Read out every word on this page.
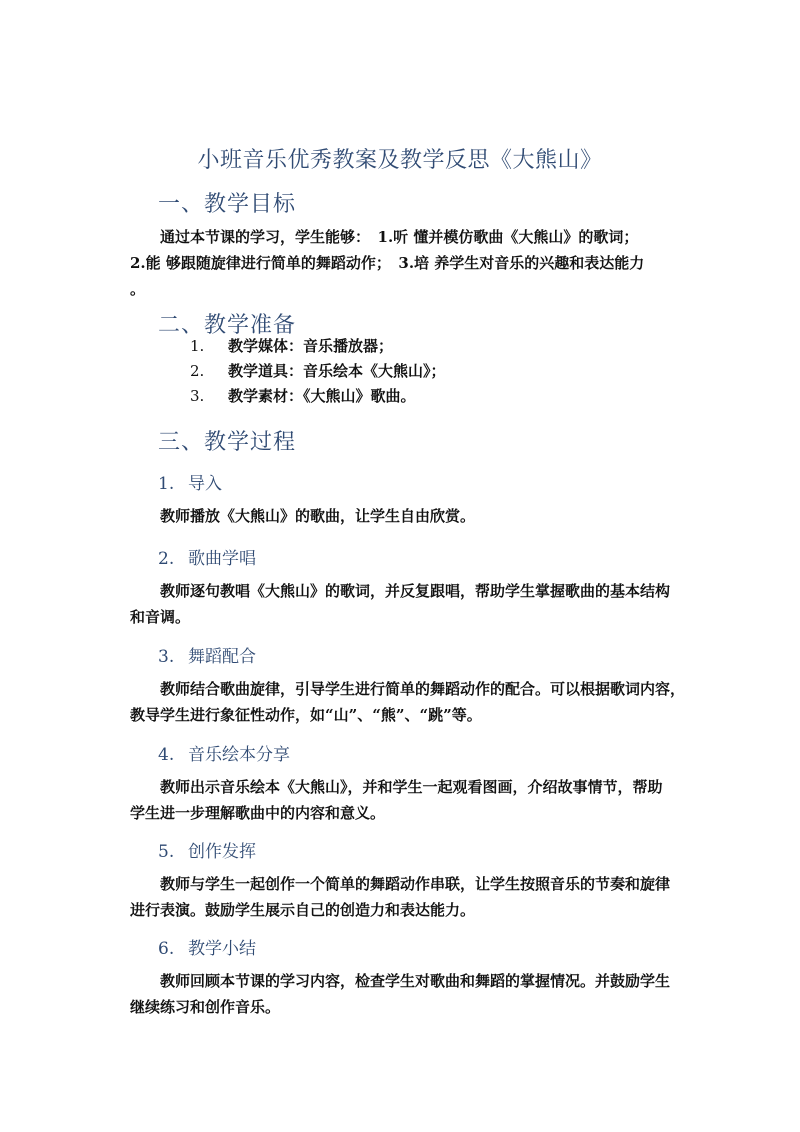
小班音乐优秀教案及教学反思《大熊山》
一、教学目标
通过本节课的学习，学生能够：　1.听 懂并模仿歌曲《大熊山》的歌词；
2.能 够跟随旋律进行简单的舞蹈动作；　3.培 养学生对音乐的兴趣和表达能力
。
二、教学准备
1. 教学媒体：音乐播放器；
2. 教学道具：音乐绘本《大熊山》；
3. 教学素材：《大熊山》歌曲。
三、教学过程
1. 导入
教师播放《大熊山》的歌曲，让学生自由欣赏。
2. 歌曲学唱
教师逐句教唱《大熊山》的歌词，并反复跟唱，帮助学生掌握歌曲的基本结构
和音调。
3. 舞蹈配合
教师结合歌曲旋律，引导学生进行简单的舞蹈动作的配合。可以根据歌词内容，
教导学生进行象征性动作，如“山”、“熊”、“跳”等。
4. 音乐绘本分享
教师出示音乐绘本《大熊山》，并和学生一起观看图画，介绍故事情节，帮助
学生进一步理解歌曲中的内容和意义。
5. 创作发挥
教师与学生一起创作一个简单的舞蹈动作串联，让学生按照音乐的节奏和旋律
进行表演。鼓励学生展示自己的创造力和表达能力。
6. 教学小结
教师回顾本节课的学习内容，检查学生对歌曲和舞蹈的掌握情况。并鼓励学生
继续练习和创作音乐。
